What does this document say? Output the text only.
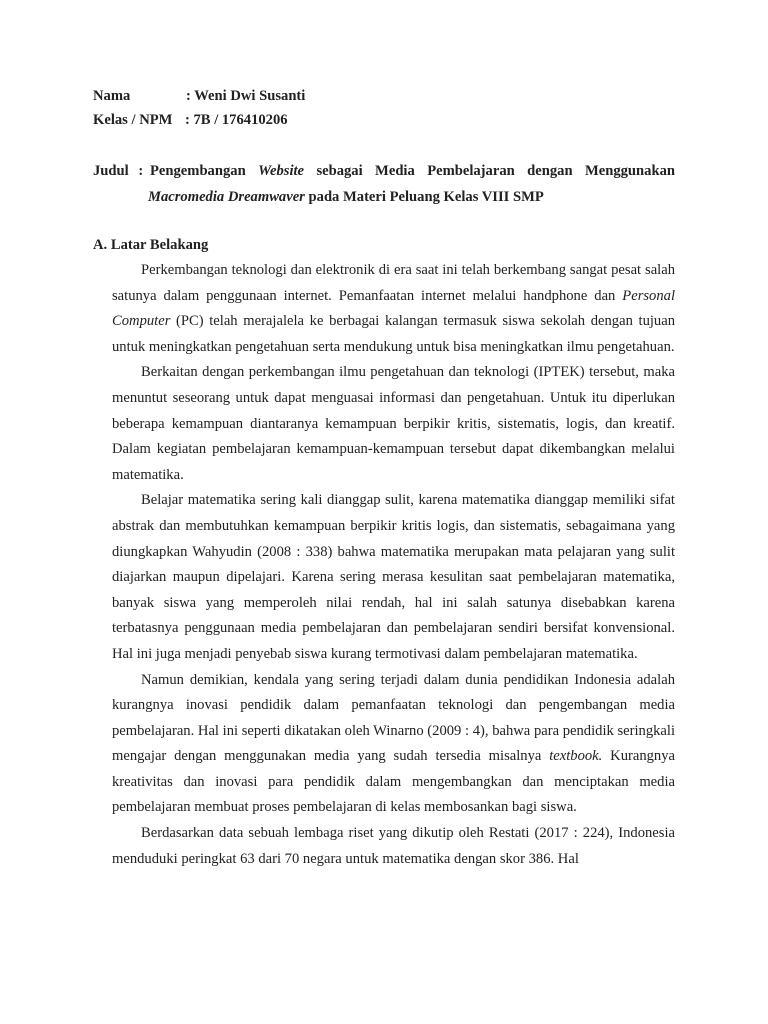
Nama	: Weni Dwi Susanti
Kelas / NPM : 7B / 176410206
Judul : Pengembangan Website sebagai Media Pembelajaran dengan Menggunakan
Macromedia Dreamwaver pada Materi Peluang Kelas VIII SMP
A. Latar Belakang

Perkembangan teknologi dan elektronik di era saat ini telah berkembang sangat pesat salah satunya dalam penggunaan internet. Pemanfaatan internet melalui handphone dan Personal Computer (PC) telah merajalela ke berbagai kalangan termasuk siswa sekolah dengan tujuan untuk meningkatkan pengetahuan serta mendukung untuk bisa meningkatkan ilmu pengetahuan.

Berkaitan dengan perkembangan ilmu pengetahuan dan teknologi (IPTEK) tersebut, maka menuntut seseorang untuk dapat menguasai informasi dan pengetahuan. Untuk itu diperlukan beberapa kemampuan diantaranya kemampuan berpikir kritis, sistematis, logis, dan kreatif. Dalam kegiatan pembelajaran kemampuan-kemampuan tersebut dapat dikembangkan melalui matematika.

Belajar matematika sering kali dianggap sulit, karena matematika dianggap memiliki sifat abstrak dan membutuhkan kemampuan berpikir kritis logis, dan sistematis, sebagaimana yang diungkapkan Wahyudin (2008 : 338) bahwa matematika merupakan mata pelajaran yang sulit diajarkan maupun dipelajari. Karena sering merasa kesulitan saat pembelajaran matematika, banyak siswa yang memperoleh nilai rendah, hal ini salah satunya disebabkan karena terbatasnya penggunaan media pembelajaran dan pembelajaran sendiri bersifat konvensional. Hal ini juga menjadi penyebab siswa kurang termotivasi dalam pembelajaran matematika.

Namun demikian, kendala yang sering terjadi dalam dunia pendidikan Indonesia adalah kurangnya inovasi pendidik dalam pemanfaatan teknologi dan pengembangan media pembelajaran. Hal ini seperti dikatakan oleh Winarno (2009 : 4), bahwa para pendidik seringkali mengajar dengan menggunakan media yang sudah tersedia misalnya textbook. Kurangnya kreativitas dan inovasi para pendidik dalam mengembangkan dan menciptakan media pembelajaran membuat proses pembelajaran di kelas membosankan bagi siswa.

Berdasarkan data sebuah lembaga riset yang dikutip oleh Restati (2017 : 224), Indonesia menduduki peringkat 63 dari 70 negara untuk matematika dengan skor 386. Hal
